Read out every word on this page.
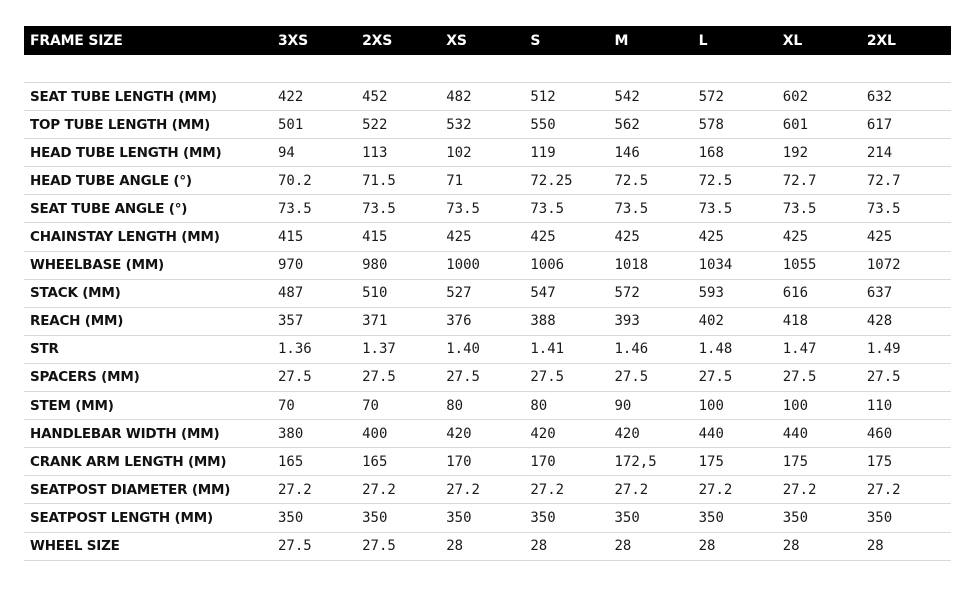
FRAME SIZE	3XS	2XS	XS	S	M	L	XL	2XL
SEAT TUBE LENGTH (MM)	422	452	482	512	542	572	602	632
TOP TUBE LENGTH (MM)	501	522	532	550	562	578	601	617
HEAD TUBE LENGTH (MM)	94	113	102	119	146	168	192	214
HEAD TUBE ANGLE (°)	70.2	71.5	71	72.25	72.5	72.5	72.7	72.7
SEAT TUBE ANGLE (°)	73.5	73.5	73.5	73.5	73.5	73.5	73.5	73.5
CHAINSTAY LENGTH (MM)	415	415	425	425	425	425	425	425
WHEELBASE (MM)	970	980	1000	1006	1018	1034	1055	1072
STACK (MM)	487	510	527	547	572	593	616	637
REACH (MM)	357	371	376	388	393	402	418	428
STR	1.36	1.37	1.40	1.41	1.46	1.48	1.47	1.49
SPACERS (MM)	27.5	27.5	27.5	27.5	27.5	27.5	27.5	27.5
STEM (MM)	70	70	80	80	90	100	100	110
HANDLEBAR WIDTH (MM)	380	400	420	420	420	440	440	460
CRANK ARM LENGTH (MM)	165	165	170	170	172,5	175	175	175
SEATPOST DIAMETER (MM)	27.2	27.2	27.2	27.2	27.2	27.2	27.2	27.2
SEATPOST LENGTH (MM)	350	350	350	350	350	350	350	350
WHEEL SIZE	27.5	27.5	28	28	28	28	28	28
